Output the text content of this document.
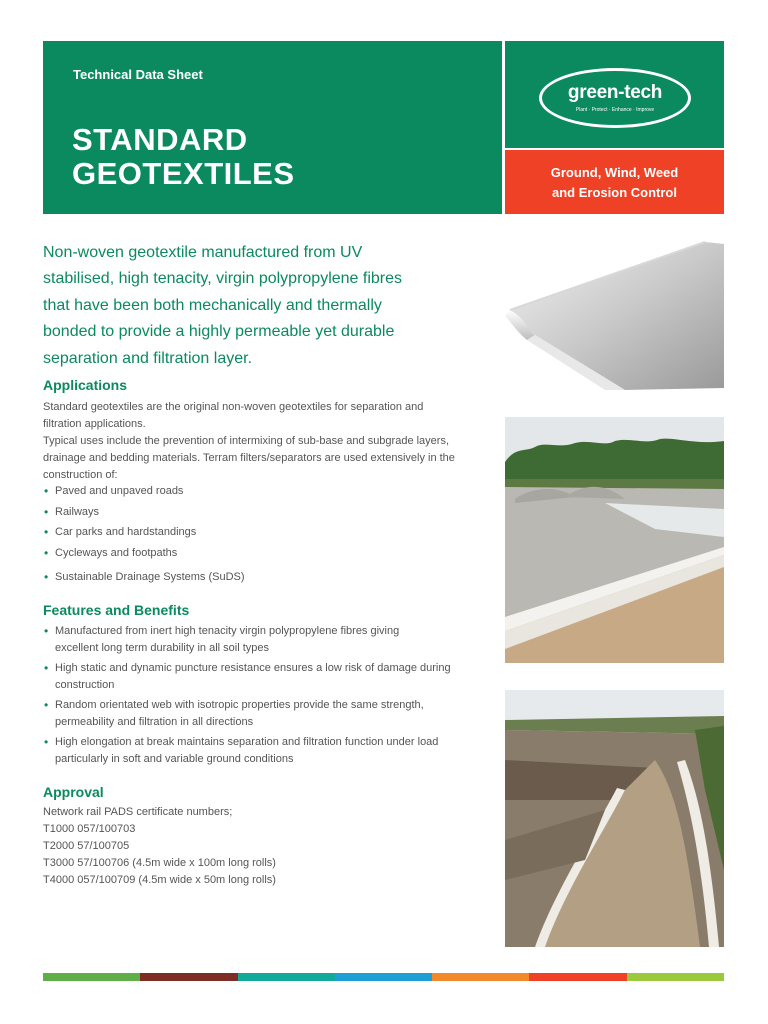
Technical Data Sheet
STANDARD
GEOTEXTILES
green-tech
Plant · Protect · Enhance · Improve
Ground, Wind, Weed
and Erosion Control
Non-woven geotextile manufactured from UV
stabilised, high tenacity, virgin polypropylene fibres
that have been both mechanically and thermally
bonded to provide a highly permeable yet durable
separation and filtration layer.
Applications
Standard geotextiles are the original non-woven geotextiles for separation and
filtration applications.
Typical uses include the prevention of intermixing of sub-base and subgrade layers,
drainage and bedding materials. Terram filters/separators are used extensively in the
construction of:
• Paved and unpaved roads
• Railways
• Car parks and hardstandings
• Cycleways and footpaths
• Sustainable Drainage Systems (SuDS)
Features and Benefits
• Manufactured from inert high tenacity virgin polypropylene fibres giving
excellent long term durability in all soil types
• High static and dynamic puncture resistance ensures a low risk of damage during
construction
• Random orientated web with isotropic properties provide the same strength,
permeability and filtration in all directions
• High elongation at break maintains separation and filtration function under load
particularly in soft and variable ground conditions
Approval
Network rail PADS certificate numbers;
T1000 057/100703
T2000 57/100705
T3000 57/100706 (4.5m wide x 100m long rolls)
T4000 057/100709 (4.5m wide x 50m long rolls)
